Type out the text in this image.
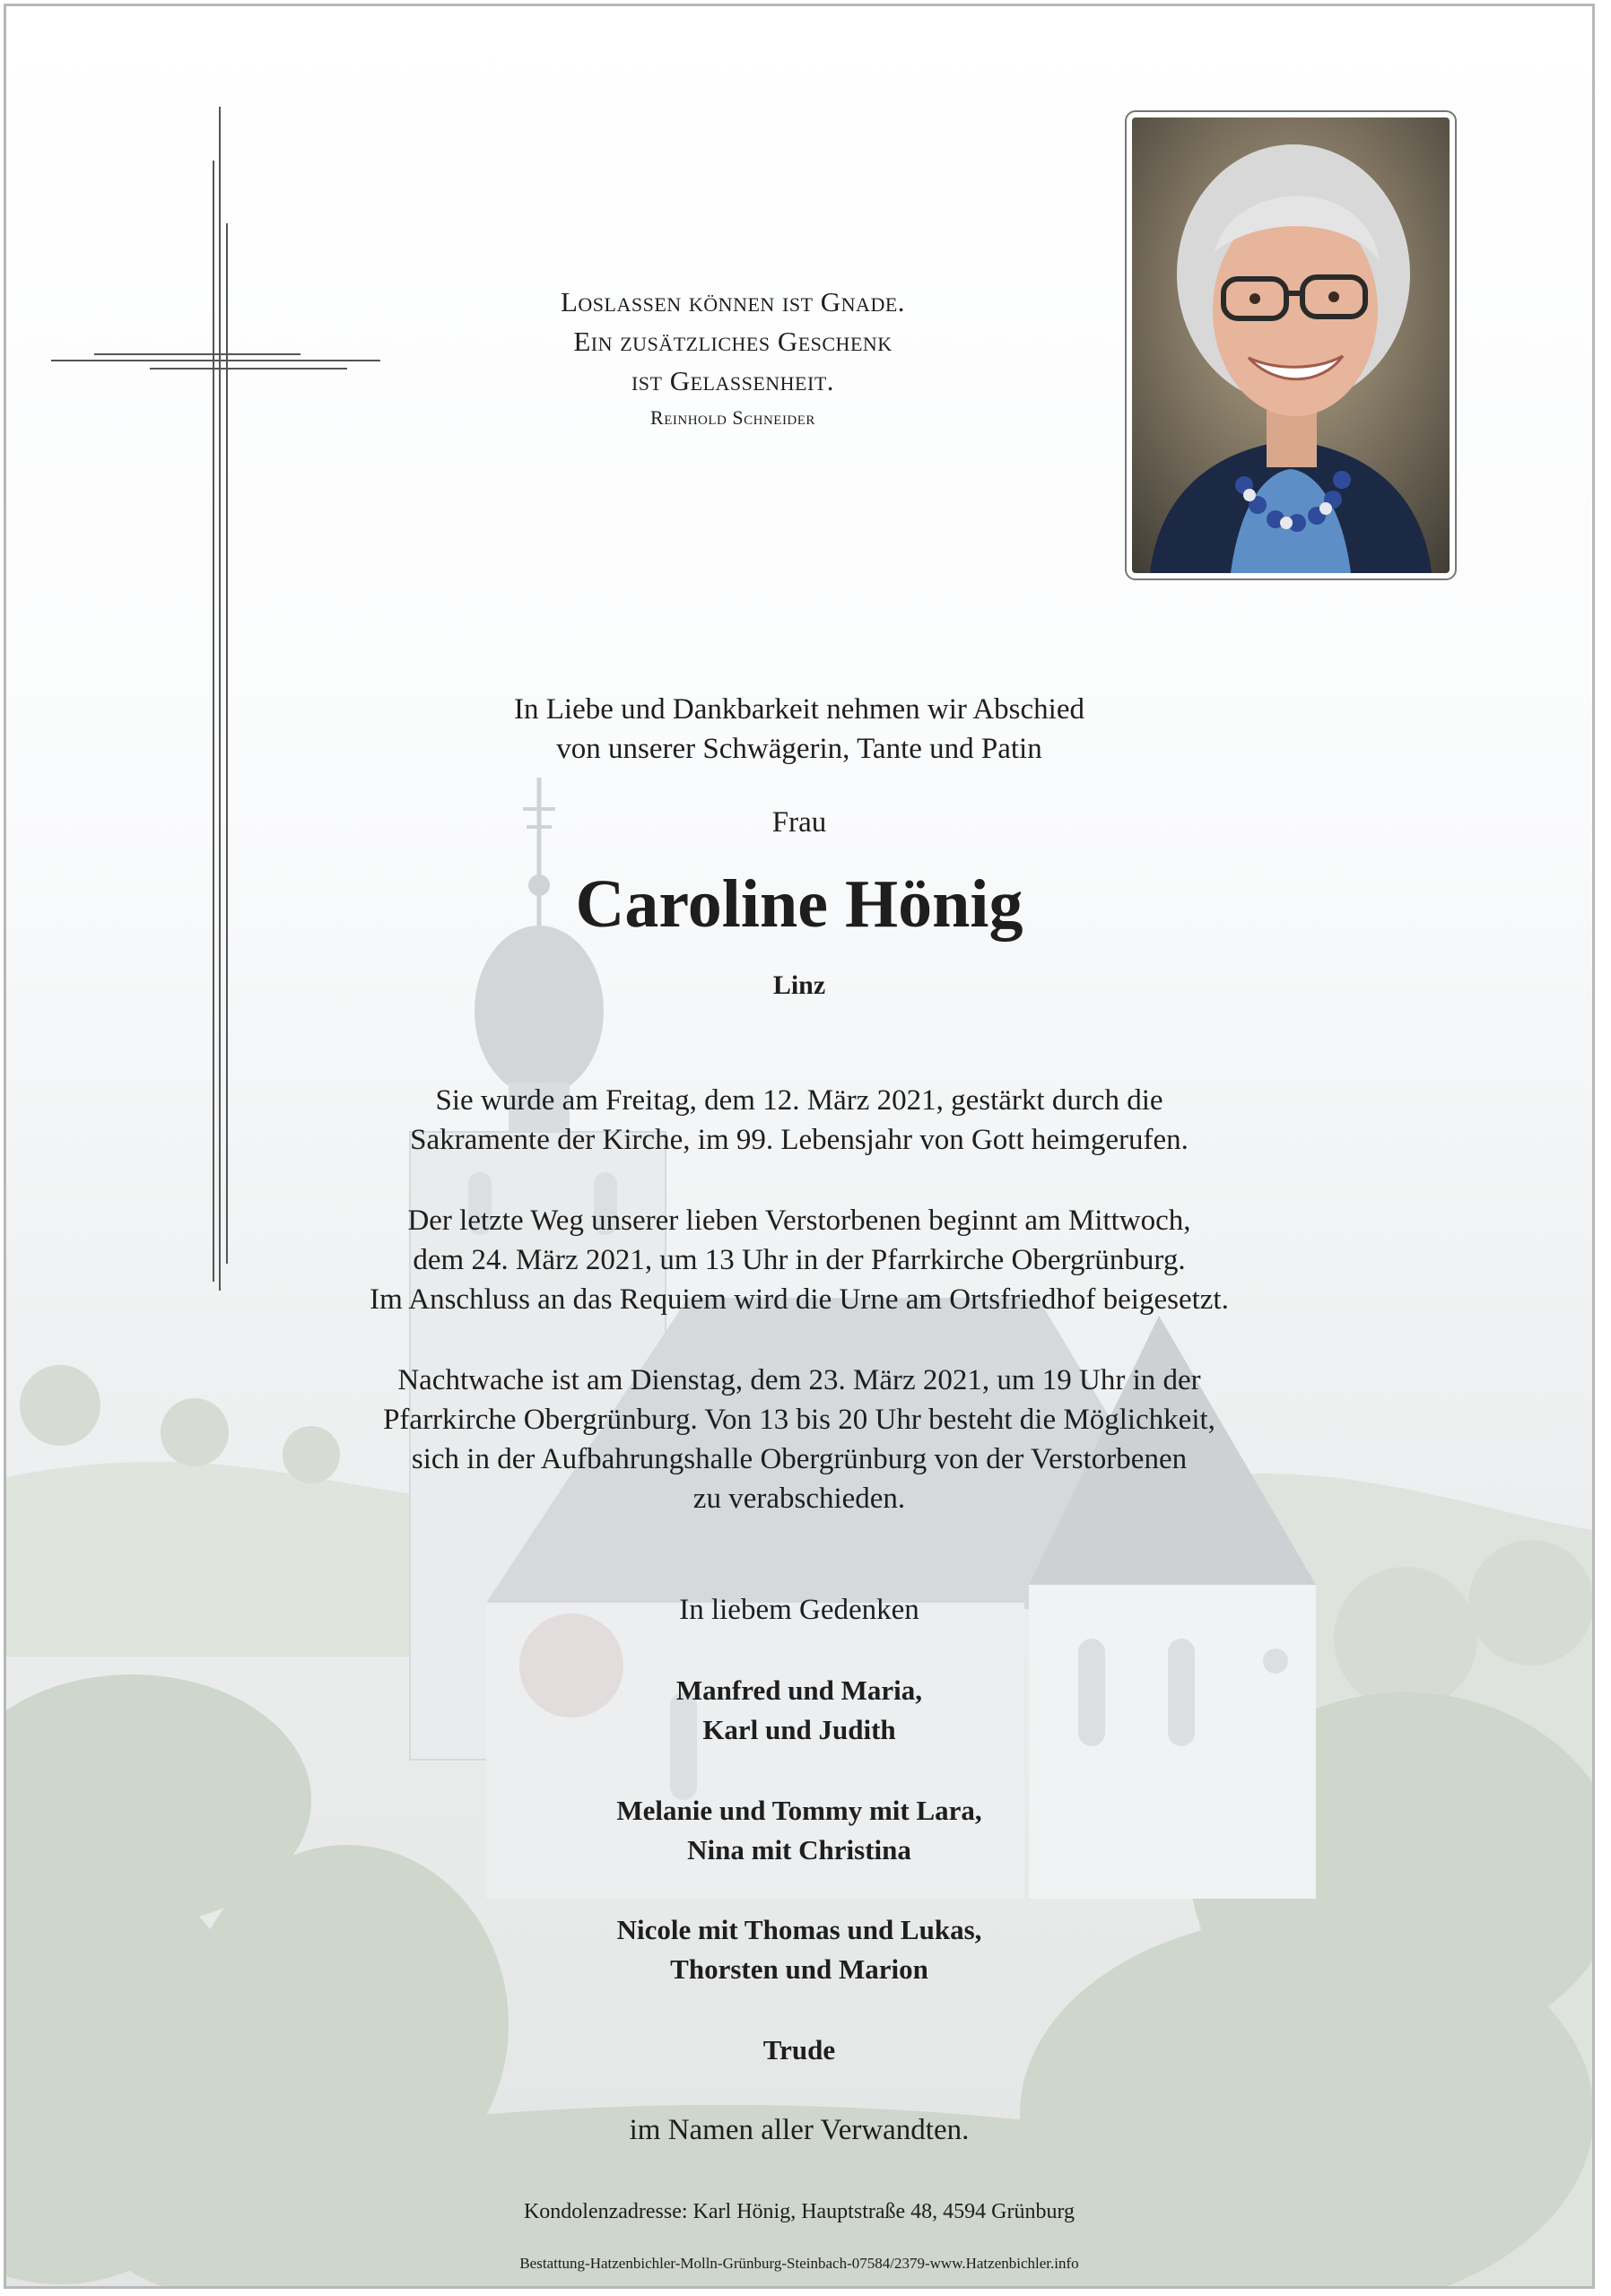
Loslassen können ist Gnade.
Ein zusätzliches Geschenk
ist Gelassenheit.
Reinhold Schneider
In Liebe und Dankbarkeit nehmen wir Abschied
von unserer Schwägerin, Tante und Patin
Frau
Caroline Hönig
Linz
Sie wurde am Freitag, dem 12. März 2021, gestärkt durch die
Sakramente der Kirche, im 99. Lebensjahr von Gott heimgerufen.
Der letzte Weg unserer lieben Verstorbenen beginnt am Mittwoch,
dem 24. März 2021, um 13 Uhr in der Pfarrkirche Obergrünburg.
Im Anschluss an das Requiem wird die Urne am Ortsfriedhof beigesetzt.
Nachtwache ist am Dienstag, dem 23. März 2021, um 19 Uhr in der
Pfarrkirche Obergrünburg. Von 13 bis 20 Uhr besteht die Möglichkeit,
sich in der Aufbahrungshalle Obergrünburg von der Verstorbenen
zu verabschieden.
In liebem Gedenken
Manfred und Maria,
Karl und Judith
Melanie und Tommy mit Lara,
Nina mit Christina
Nicole mit Thomas und Lukas,
Thorsten und Marion
Trude
im Namen aller Verwandten.
Kondolenzadresse: Karl Hönig, Hauptstraße 48, 4594 Grünburg
Bestattung-Hatzenbichler-Molln-Grünburg-Steinbach-07584/2379-www.Hatzenbichler.info
